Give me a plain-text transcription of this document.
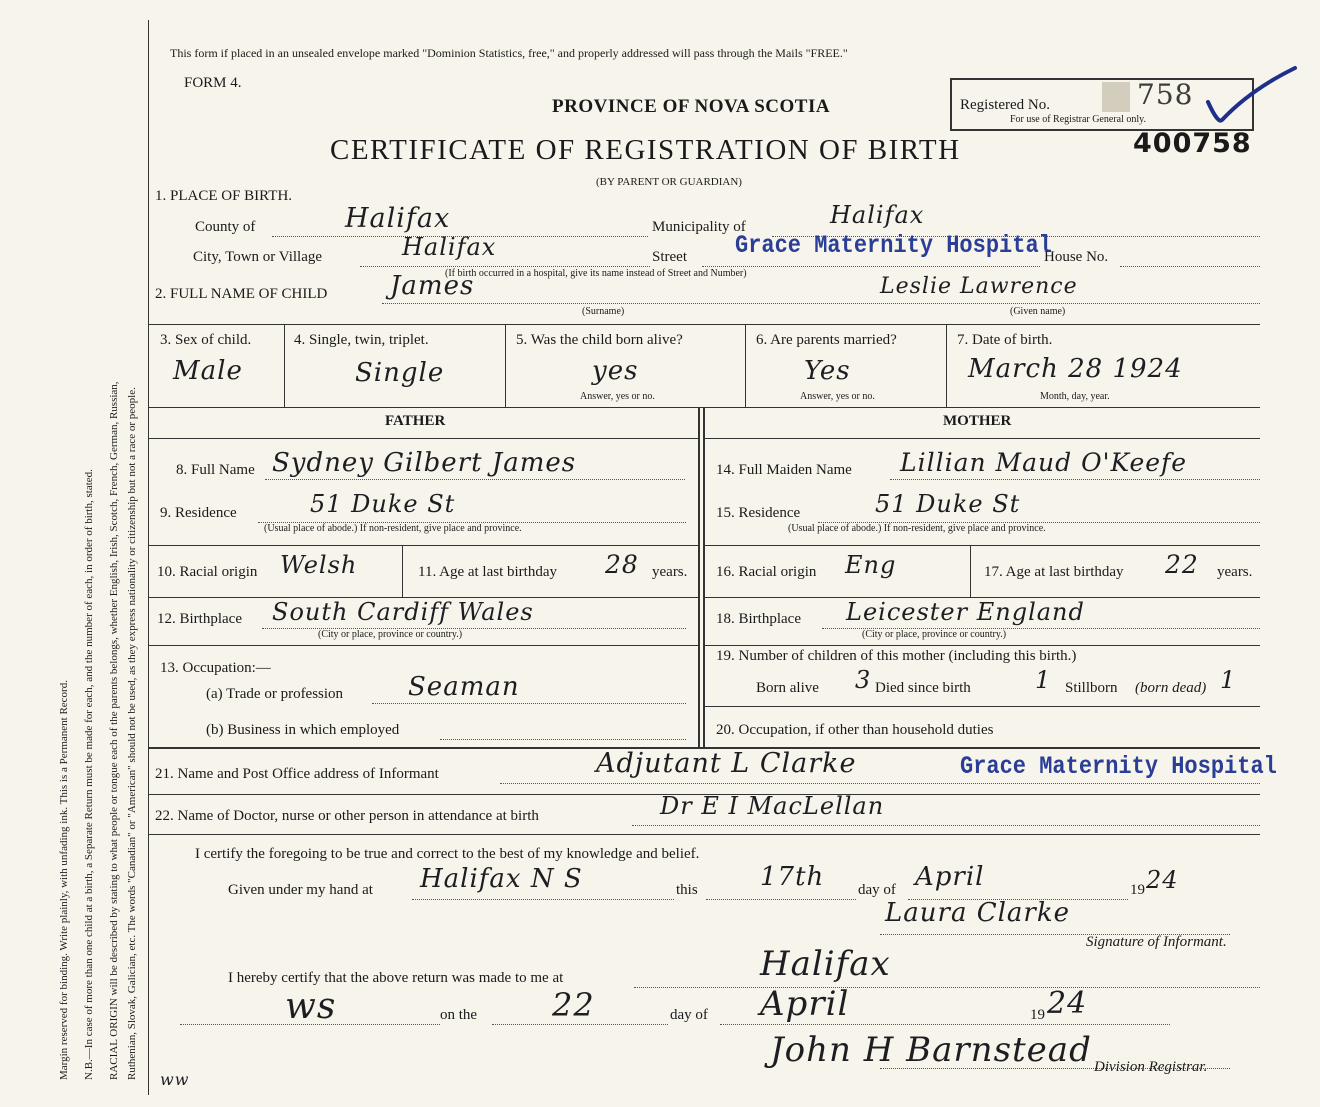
Margin reserved for binding. Write plainly, with unfading ink. This is a Permanent Record. N.B.—In case of more than one child at a birth, a Separate Return must be made for each, and the number of each, in order of birth, stated. RACIAL ORIGIN will be described by stating to what people or tongue each of the parents belongs, whether English, Irish, Scotch, French, German, Russian, Ruthenian, Slovak, Galician, etc. The words "Canadian" or "American" should not be used, as they express nationality or citizenship but not a race or people. ww
This form if placed in an unsealed envelope marked "Dominion Statistics, free," and properly addressed will pass through the Mails "FREE."
FORM 4.
PROVINCE OF NOVA SCOTIA
CERTIFICATE OF REGISTRATION OF BIRTH
(BY PARENT OR GUARDIAN)
Registered No.	758
For use of Registrar General only.
400758
1. PLACE OF BIRTH.
County of	Halifax	Municipality of	Halifax
City, Town or Village	Halifax	Street Grace Maternity Hospital
House No.
(If birth occurred in a hospital, give its name instead of Street and Number)
2. FULL NAME OF CHILD James	Leslie Lawrence
(Surname)	(Given name)
3. Sex of child.
Male
4. Single, twin, triplet.
Single
5. Was the child born alive?
yes
Answer, yes or no.
6. Are parents married?
Yes
Answer, yes or no.
7. Date of birth.
March 28 1924
Month, day, year.
FATHER	MOTHER
8. Full Name Sydney Gilbert James
9. Residence	51 Duke St
(Usual place of abode.) If non-resident, give place and province.
10. Racial origin Welsh	11. Age at last birthday 28 years.
12. Birthplace South Cardiff Wales
(City or place, province or country.)
13. Occupation:—
(a) Trade or profession Seaman
(b) Business in which employed
14. Full Maiden Name Lillian Maud O'Keefe
15. Residence	51 Duke St
(Usual place of abode.) If non-resident, give place and province.
16. Racial origin Eng	17. Age at last birthday 22 years.
18. Birthplace Leicester England
(City or place, province or country.)
19. Number of children of this mother (including this birth.)
Born alive 3 Died since birth	1 Stillborn (born dead) 1
20. Occupation, if other than household duties
21. Name and Post Office address of Informant	Adjutant L Clarke	Grace Maternity Hospital
22. Name of Doctor, nurse or other person in attendance at birth	Dr E I MacLellan
I certify the foregoing to be true and correct to the best of my knowledge and belief.
Given under my hand at Halifax N S	this 17th day of April	19 24
Laura Clarke
Signature of Informant.
I hereby certify that the above return was made to me at	Halifax
ws	on the 22	day of April	19 24
John H Barnstead Division Registrar.
